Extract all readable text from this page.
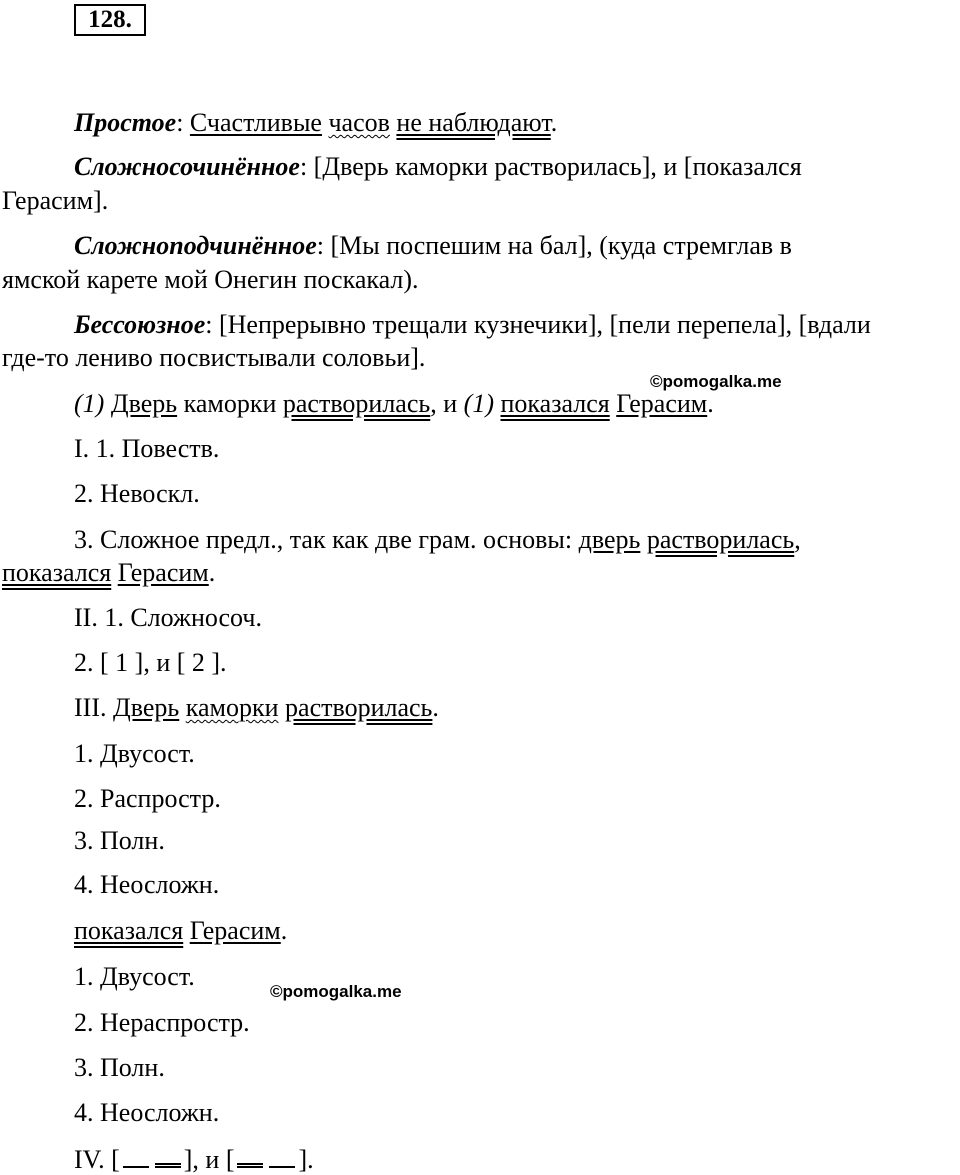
128.
Простое: Счастливые часов не наблюдают.
Сложносочинённое: [Дверь каморки растворилась], и [показался
Герасим].
Сложноподчинённое: [Мы поспешим на бал], (куда стремглав в
ямской карете мой Онегин поскакал).
Бессоюзное: [Непрерывно трещали кузнечики], [пели перепела], [вдали
где-то лениво посвистывали соловьи].
©pomogalka.me
(1) Дверь каморки растворилась, и (1) показался Герасим.
I. 1. Повеств.
2. Невоскл.
3. Сложное предл., так как две грам. основы: дверь растворилась,
показался Герасим.
II. 1. Сложносоч.
2. [ 1 ], и [ 2 ].
III. Дверь каморки растворилась.
1. Двусост.
2. Распростр.
3. Полн.
4. Неосложн.
показался Герасим.
1. Двусост.
©pomogalka.me
2. Нераспростр.
3. Полн.
4. Неосложн.
IV. [ ], и [ ].
